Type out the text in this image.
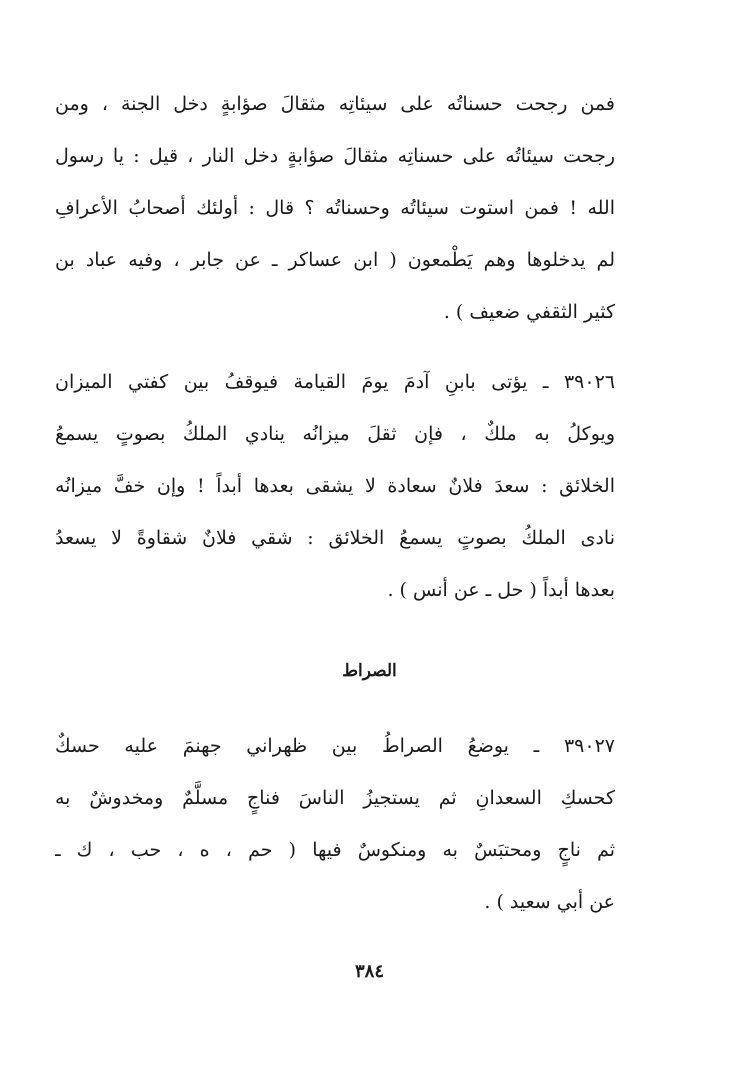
فمن رجحت حسناتُه على سيئاتِه مثقالَ صؤابةٍ دخل الجنة ، ومن
رجحت سيئاتُه على حسناتِه مثقالَ صؤابةٍ دخل النار ، قيل : يا رسول
الله ! فمن استوت سيئاتُه وحسناتُه ؟ قال : أولئك أصحابُ الأعرافِ
لم يدخلوها وهم يَطْمعون ( ابن عساكر ـ عن جابر ، وفيه عباد بن
كثير الثقفي ضعيف ) .
٣٩٠٢٦ ـ يؤتى بابنِ آدمَ يومَ القيامة فيوقفُ بين كفتي الميزان
ويوكلُ به ملكٌ ، فإن ثقلَ ميزانُه ينادي الملكُ بصوتٍ يسمعُ
الخلائق : سعدَ فلانٌ سعادة لا يشقى بعدها أبداً ! وإن خفَّ ميزانُه
نادى الملكُ بصوتٍ يسمعُ الخلائق : شقي فلانٌ شقاوةً لا يسعدُ
بعدها أبداً ( حل ـ عن أنس ) .
الصراط
٣٩٠٢٧ ـ يوضعُ الصراطُ بين ظهراني جهنمَ عليه حسكٌ
كحسكِ السعدانِ ثم يستجيزُ الناسَ فناجٍ مسلَّمٌ ومخدوشٌ به
ثم ناجٍ ومحتبَسٌ به ومنكوسٌ فيها ( حم ، ه ، حب ، ك ـ
عن أبي سعيد ) .
٣٨٤
